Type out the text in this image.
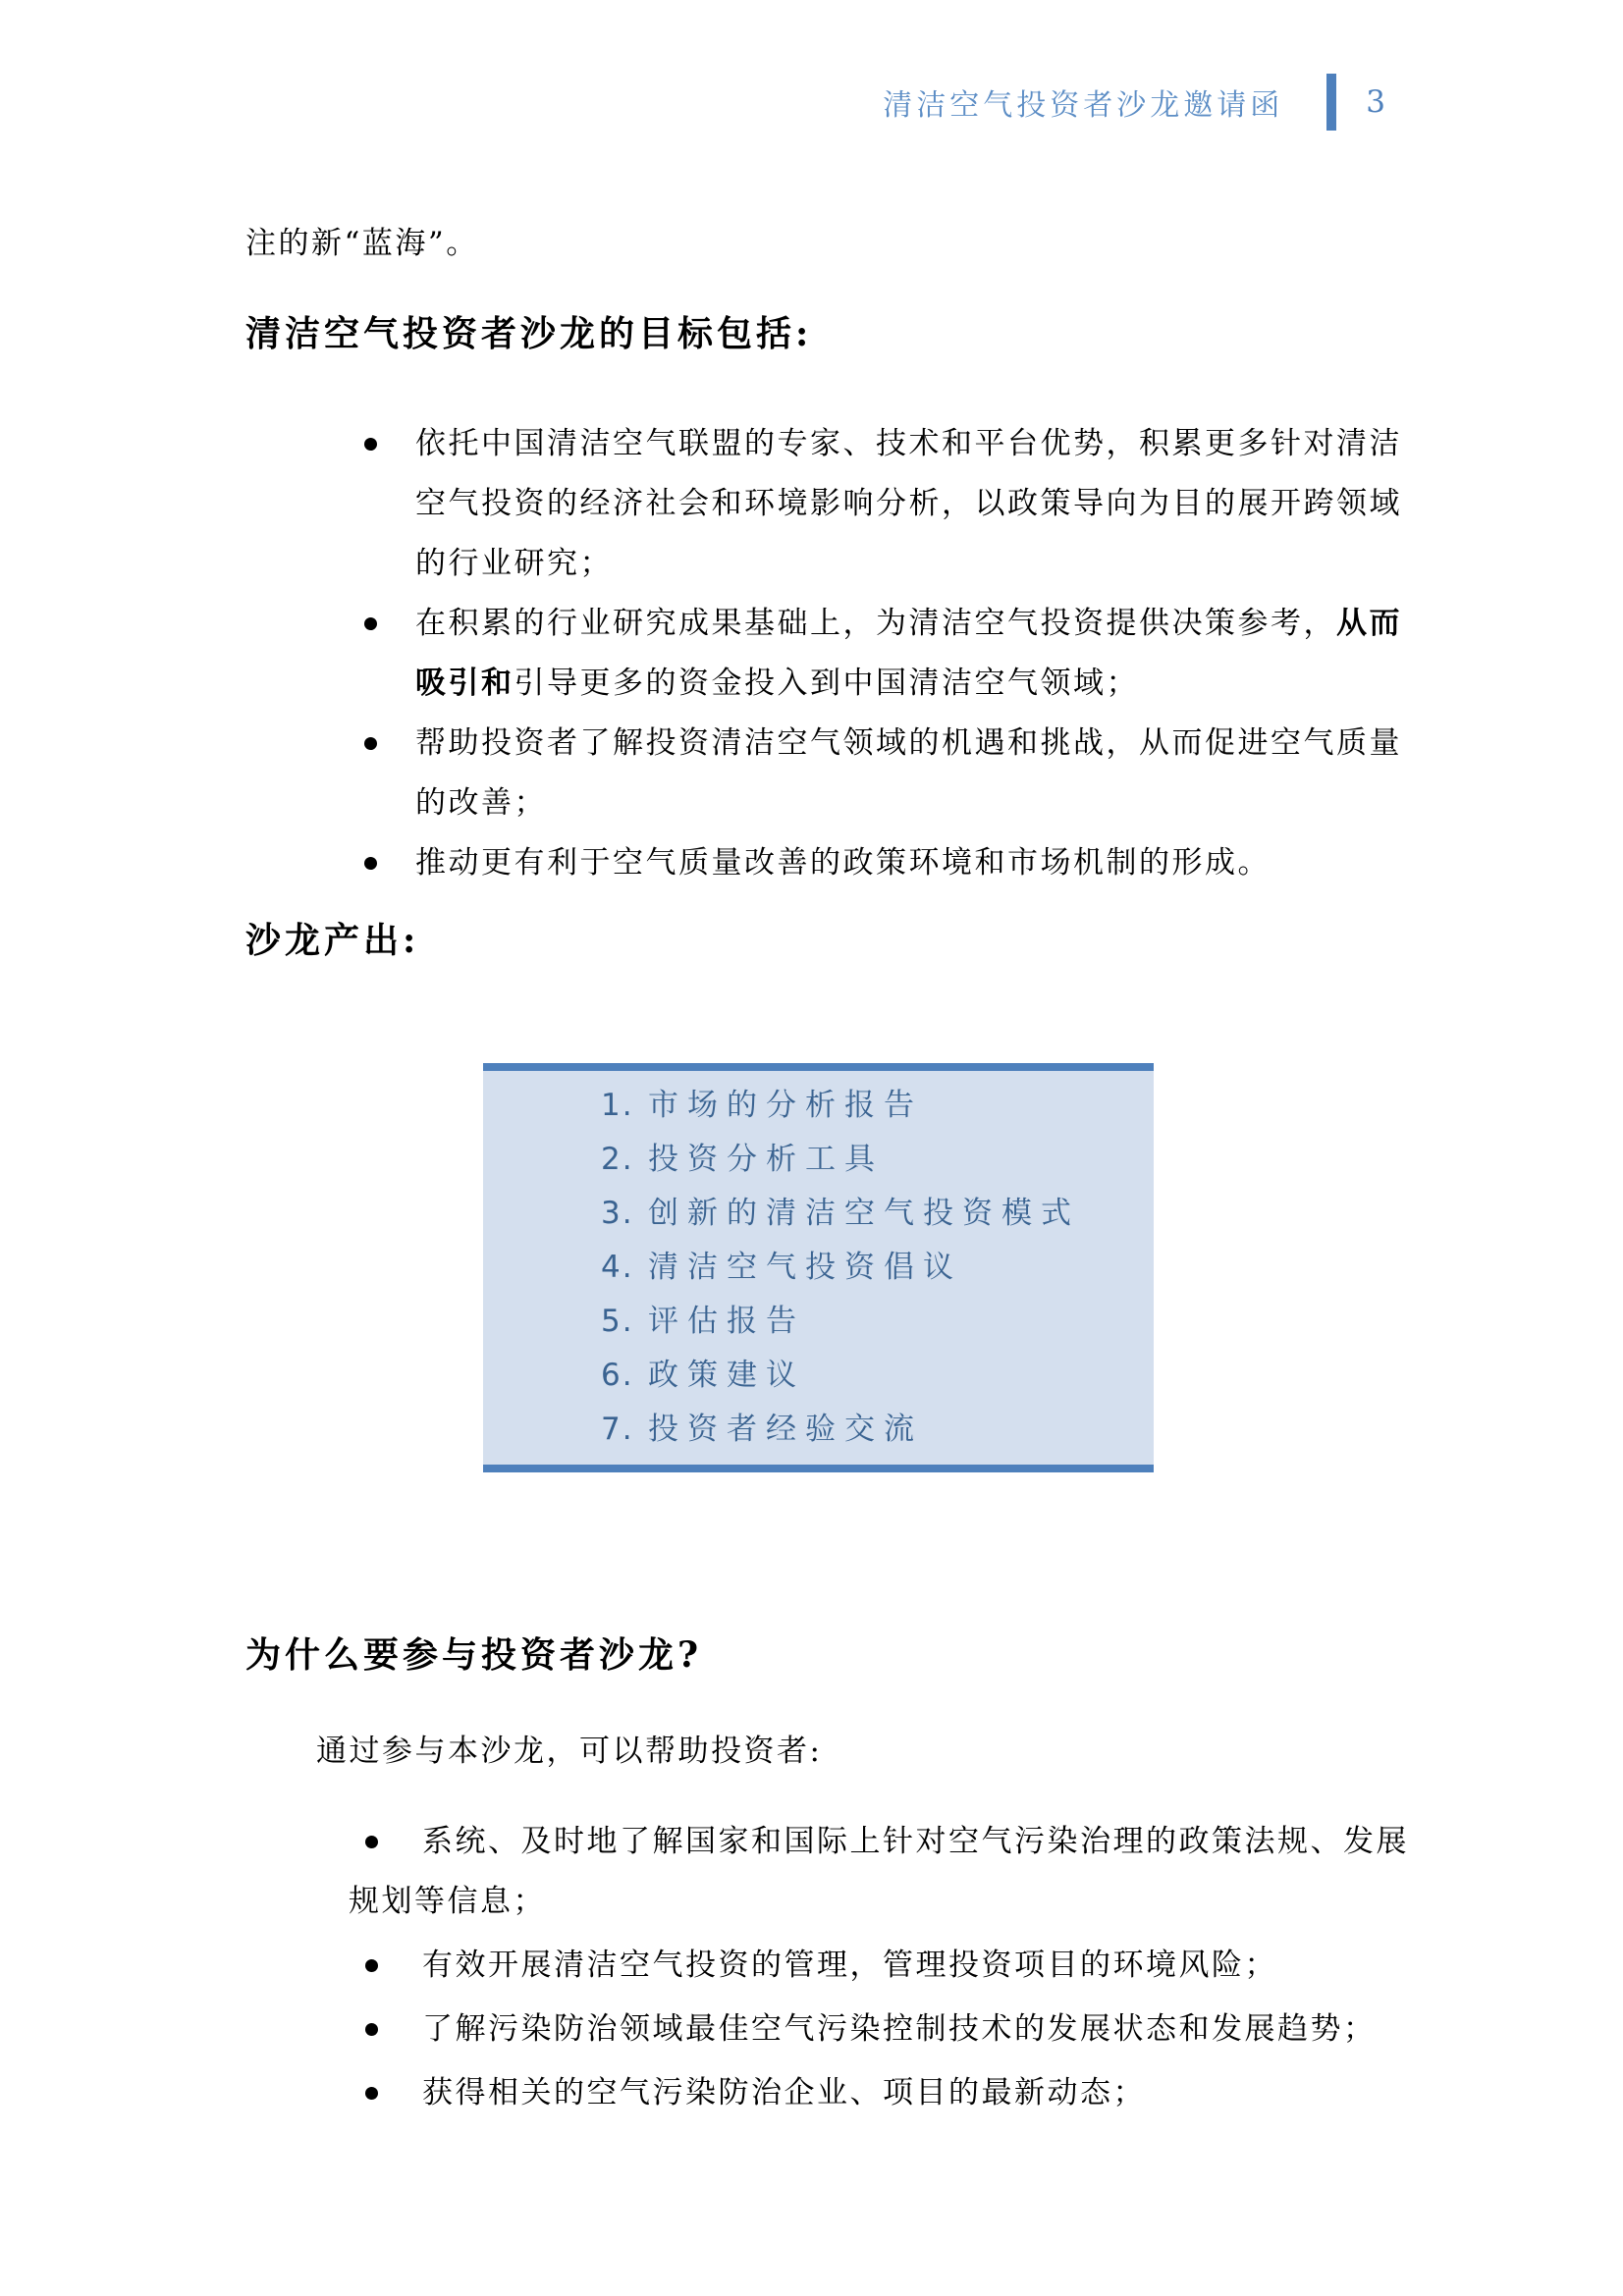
清洁空气投资者沙龙邀请函	3

注的新“蓝海”。

清洁空气投资者沙龙的目标包括:
依托中国清洁空气联盟的专家、技术和平台优势，积累更多针对清洁空气投资的经济社会和环境影响分析，以政策导向为目的展开跨领域的行业研究；
在积累的行业研究成果基础上，为清洁空气投资提供决策参考，从而吸引和引导更多的资金投入到中国清洁空气领域；
帮助投资者了解投资清洁空气领域的机遇和挑战，从而促进空气质量的改善；
推动更有利于空气质量改善的政策环境和市场机制的形成。
沙龙产出:
1. 市场的分析报告
2. 投资分析工具
3. 创新的清洁空气投资模式
4. 清洁空气投资倡议
5. 评估报告
6. 政策建议
7. 投资者经验交流
为什么要参与投资者沙龙?

通过参与本沙龙，可以帮助投资者:

系统、及时地了解国家和国际上针对空气污染治理的政策法规、发展规划等信息；
有效开展清洁空气投资的管理，管理投资项目的环境风险；
了解污染防治领域最佳空气污染控制技术的发展状态和发展趋势；
获得相关的空气污染防治企业、项目的最新动态；
